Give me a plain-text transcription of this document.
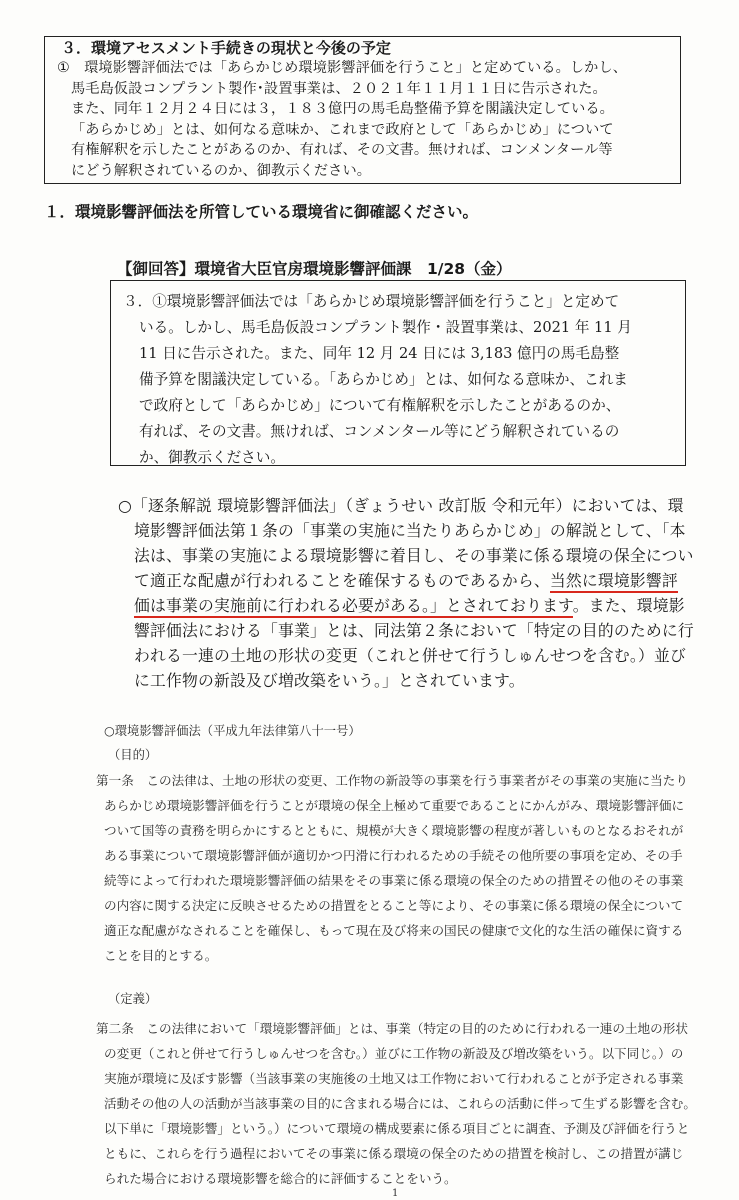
３．環境アセスメント手続きの現状と今後の予定
①　環境影響評価法では「あらかじめ環境影響評価を行うこと」と定めている。しかし、
馬毛島仮設コンプラント製作･設置事業は、２０２１年１１月１１日に告示された。
また、同年１２月２４日には３，１８３億円の馬毛島整備予算を閣議決定している。
「あらかじめ」とは、如何なる意味か、これまで政府として「あらかじめ」について
有権解釈を示したことがあるのか、有れば、その文書。無ければ、コンメンタール等
にどう解釈されているのか、御教示ください。
１．環境影響評価法を所管している環境省に御確認ください。
【御回答】環境省大臣官房環境影響評価課　1/28（金）
３．①環境影響評価法では「あらかじめ環境影響評価を行うこと」と定めて
いる。しかし、馬毛島仮設コンプラント製作・設置事業は、2021 年 11 月
11 日に告示された。また、同年 12 月 24 日には 3,183 億円の馬毛島整
備予算を閣議決定している。「あらかじめ」とは、如何なる意味か、これま
で政府として「あらかじめ」について有権解釈を示したことがあるのか、
有れば、その文書。無ければ、コンメンタール等にどう解釈されているの
か、御教示ください。
○「逐条解説 環境影響評価法」（ぎょうせい 改訂版 令和元年）においては、環
境影響評価法第１条の「事業の実施に当たりあらかじめ」の解説として、「本
法は、事業の実施による環境影響に着目し、その事業に係る環境の保全につい
て適正な配慮が行われることを確保するものであるから、当然に環境影響評
価は事業の実施前に行われる必要がある。」とされております。また、環境影
響評価法における「事業」とは、同法第２条において「特定の目的のために行
われる一連の土地の形状の変更（これと併せて行うしゅんせつを含む。）並び
に工作物の新設及び増改築をいう。」とされています。
○環境影響評価法（平成九年法律第八十一号）
（目的）
第一条　この法律は、土地の形状の変更、工作物の新設等の事業を行う事業者がその事業の実施に当たり
あらかじめ環境影響評価を行うことが環境の保全上極めて重要であることにかんがみ、環境影響評価に
ついて国等の責務を明らかにするとともに、規模が大きく環境影響の程度が著しいものとなるおそれが
ある事業について環境影響評価が適切かつ円滑に行われるための手続その他所要の事項を定め、その手
続等によって行われた環境影響評価の結果をその事業に係る環境の保全のための措置その他のその事業
の内容に関する決定に反映させるための措置をとること等により、その事業に係る環境の保全について
適正な配慮がなされることを確保し、もって現在及び将来の国民の健康で文化的な生活の確保に資する
ことを目的とする。
（定義）
第二条　この法律において「環境影響評価」とは、事業（特定の目的のために行われる一連の土地の形状
の変更（これと併せて行うしゅんせつを含む。）並びに工作物の新設及び増改築をいう。以下同じ。）の
実施が環境に及ぼす影響（当該事業の実施後の土地又は工作物において行われることが予定される事業
活動その他の人の活動が当該事業の目的に含まれる場合には、これらの活動に伴って生ずる影響を含む。
以下単に「環境影響」という。）について環境の構成要素に係る項目ごとに調査、予測及び評価を行うと
ともに、これらを行う過程においてその事業に係る環境の保全のための措置を検討し、この措置が講じ
られた場合における環境影響を総合的に評価することをいう。
1
